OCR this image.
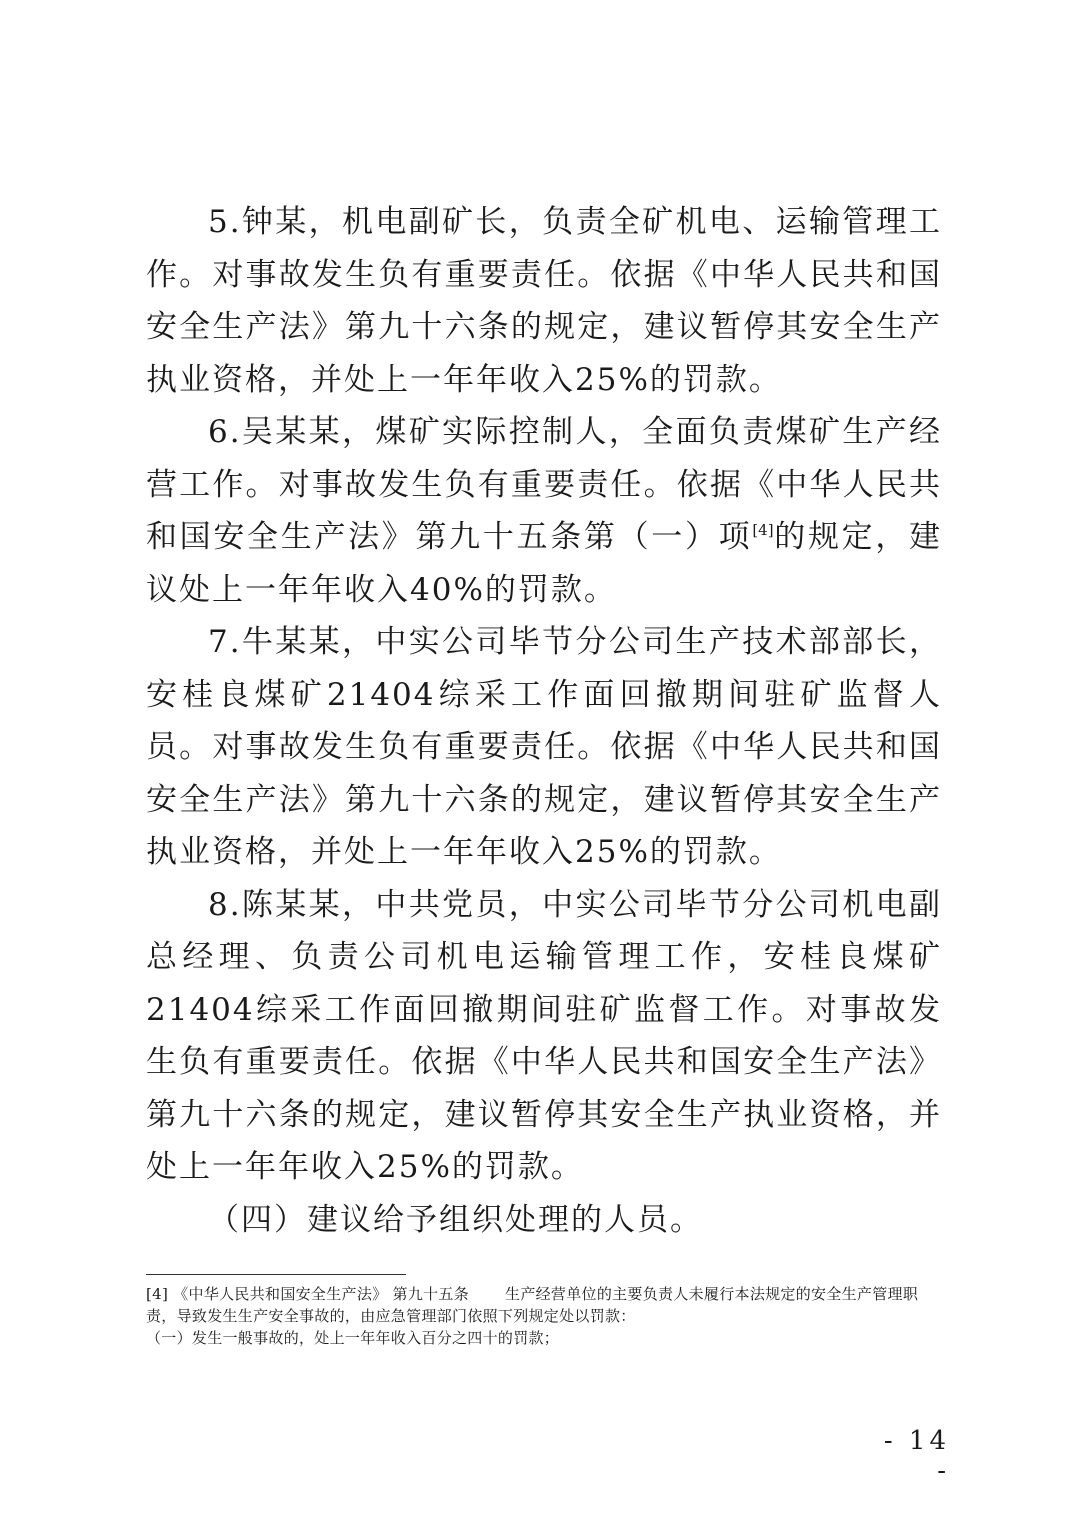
5.钟某，机电副矿长，负责全矿机电、运输管理工作。对事故发生负有重要责任。依据《中华人民共和国安全生产法》第九十六条的规定，建议暂停其安全生产执业资格，并处上一年年收入25%的罚款。

6.吴某某，煤矿实际控制人，全面负责煤矿生产经营工作。对事故发生负有重要责任。依据《中华人民共和国安全生产法》第九十五条第（一）项[4]的规定，建议处上一年年收入40%的罚款。

7.牛某某，中实公司毕节分公司生产技术部部长，安桂良煤矿21404综采工作面回撤期间驻矿监督人员。对事故发生负有重要责任。依据《中华人民共和国安全生产法》第九十六条的规定，建议暂停其安全生产执业资格，并处上一年年收入25%的罚款。

8.陈某某，中共党员，中实公司毕节分公司机电副总经理、负责公司机电运输管理工作，安桂良煤矿21404综采工作面回撤期间驻矿监督工作。对事故发生负有重要责任。依据《中华人民共和国安全生产法》第九十六条的规定，建议暂停其安全生产执业资格，并处上一年年收入25%的罚款。

（四）建议给予组织处理的人员。

[4] 《中华人民共和国安全生产法》 第九十五条 生产经营单位的主要负责人未履行本法规定的安全生产管理职责，导致发生生产安全事故的，由应急管理部门依照下列规定处以罚款：

（一）发生一般事故的，处上一年年收入百分之四十的罚款；

- 14 -
